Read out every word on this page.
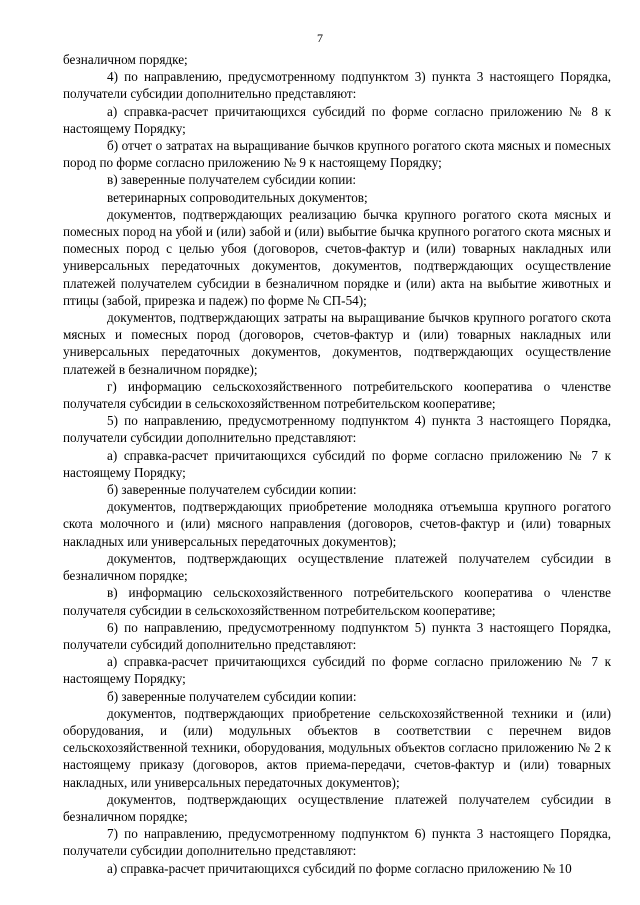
7

безналичном порядке;

4) по направлению, предусмотренному подпунктом 3) пункта 3 настоящего Порядка, получатели субсидии дополнительно представляют:

а) справка-расчет причитающихся субсидий по форме согласно приложению № 8 к настоящему Порядку;

б) отчет о затратах на выращивание бычков крупного рогатого скота мясных и помесных пород по форме согласно приложению № 9 к настоящему Порядку;

в) заверенные получателем субсидии копии:

ветеринарных сопроводительных документов;

документов, подтверждающих реализацию бычка крупного рогатого скота мясных и помесных пород на убой и (или) забой и (или) выбытие бычка крупного рогатого скота мясных и помесных пород с целью убоя (договоров, счетов-фактур и (или) товарных накладных или универсальных передаточных документов, документов, подтверждающих осуществление платежей получателем субсидии в безналичном порядке и (или) акта на выбытие животных и птицы (забой, прирезка и падеж) по форме № СП-54);

документов, подтверждающих затраты на выращивание бычков крупного рогатого скота мясных и помесных пород (договоров, счетов-фактур и (или) товарных накладных или универсальных передаточных документов, документов, подтверждающих осуществление платежей в безналичном порядке);

г) информацию сельскохозяйственного потребительского кооператива о членстве получателя субсидии в сельскохозяйственном потребительском кооперативе;

5) по направлению, предусмотренному подпунктом 4) пункта 3 настоящего Порядка, получатели субсидии дополнительно представляют:

а) справка-расчет причитающихся субсидий по форме согласно приложению № 7 к настоящему Порядку;

б) заверенные получателем субсидии копии:

документов, подтверждающих приобретение молодняка отъемыша крупного рогатого скота молочного и (или) мясного направления (договоров, счетов-фактур и (или) товарных накладных или универсальных передаточных документов);

документов, подтверждающих осуществление платежей получателем субсидии в безналичном порядке;

в) информацию сельскохозяйственного потребительского кооператива о членстве получателя субсидии в сельскохозяйственном потребительском кооперативе;

6) по направлению, предусмотренному подпунктом 5) пункта 3 настоящего Порядка, получатели субсидий дополнительно представляют:

а) справка-расчет причитающихся субсидий по форме согласно приложению № 7 к настоящему Порядку;

б) заверенные получателем субсидии копии:

документов, подтверждающих приобретение сельскохозяйственной техники и (или) оборудования, и (или) модульных объектов в соответствии с перечнем видов сельскохозяйственной техники, оборудования, модульных объектов согласно приложению № 2 к настоящему приказу (договоров, актов приема-передачи, счетов-фактур и (или) товарных накладных, или универсальных передаточных документов);

документов, подтверждающих осуществление платежей получателем субсидии в безналичном порядке;

7) по направлению, предусмотренному подпунктом 6) пункта 3 настоящего Порядка, получатели субсидии дополнительно представляют:

а) справка-расчет причитающихся субсидий по форме согласно приложению № 10
